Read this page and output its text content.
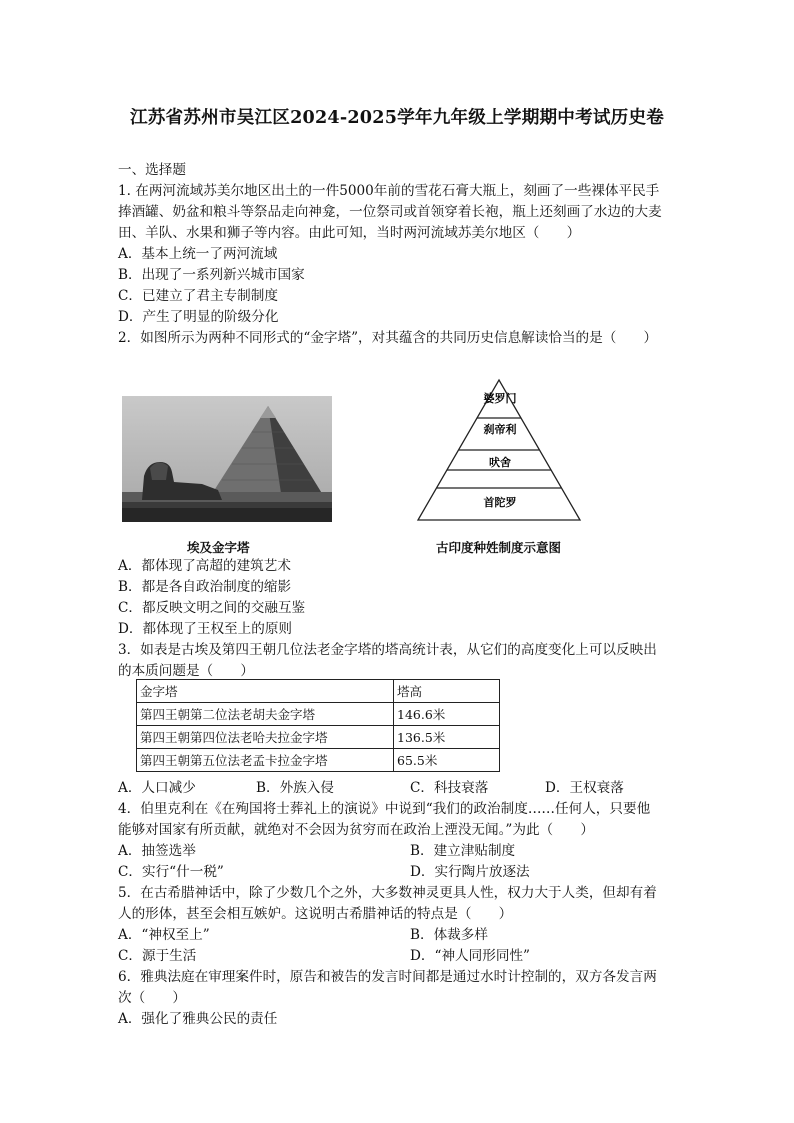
江苏省苏州市吴江区2024-2025学年九年级上学期期中考试历史卷
一、选择题
1. 在两河流域苏美尔地区出土的一件5000年前的雪花石膏大瓶上，刻画了一些裸体平民手
捧酒罐、奶盆和粮斗等祭品走向神龛，一位祭司或首领穿着长袍，瓶上还刻画了水边的大麦
田、羊队、水果和狮子等内容。由此可知，当时两河流域苏美尔地区（　　）
A．基本上统一了两河流域
B．出现了一系列新兴城市国家
C．已建立了君主专制制度
D．产生了明显的阶级分化
2．如图所示为两种不同形式的“金字塔”，对其蕴含的共同历史信息解读恰当的是（　　）
埃及金字塔
婆罗门
刹帝利
吠舍
首陀罗
古印度种姓制度示意图
A．都体现了高超的建筑艺术
B．都是各自政治制度的缩影
C．都反映文明之间的交融互鉴
D．都体现了王权至上的原则
3．如表是古埃及第四王朝几位法老金字塔的塔高统计表，从它们的高度变化上可以反映出
的本质问题是（　　）
金字塔	塔高
第四王朝第二位法老胡夫金字塔	146.6米
第四王朝第四位法老哈夫拉金字塔	136.5米
第四王朝第五位法老孟卡拉金字塔	65.5米
A．人口减少	B．外族入侵	C．科技衰落	D．王权衰落
4．伯里克利在《在殉国将士葬礼上的演说》中说到“我们的政治制度……任何人，只要他
能够对国家有所贡献，就绝对不会因为贫穷而在政治上湮没无闻。”为此（　　）
A．抽签选举	B．建立津贴制度
C．实行“什一税”	D．实行陶片放逐法
5．在古希腊神话中，除了少数几个之外，大多数神灵更具人性，权力大于人类，但却有着
人的形体，甚至会相互嫉妒。这说明古希腊神话的特点是（　　）
A．“神权至上”	B．体裁多样
C．源于生活	D．“神人同形同性”
6．雅典法庭在审理案件时，原告和被告的发言时间都是通过水时计控制的，双方各发言两
次（　　）
A．强化了雅典公民的责任
